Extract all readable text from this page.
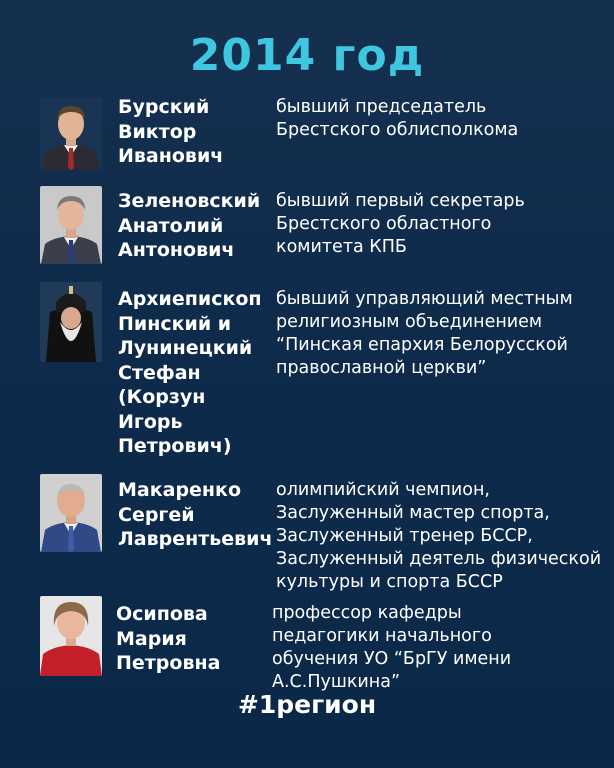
2014 год
Бурский
Виктор
Иванович
бывший председатель
Брестского облисполкома
Зеленовский
Анатолий
Антонович
бывший первый секретарь
Брестского областного
комитета КПБ
Архиепископ
Пинский и
Лунинецкий
Стефан
(Корзун
Игорь
Петрович)
бывший управляющий местным
религиозным объединением
“Пинская епархия Белорусской
православной церкви”
Макаренко
Сергей
Лаврентьевич
олимпийский чемпион,
Заслуженный мастер спорта,
Заслуженный тренер БССР,
Заслуженный деятель физической
культуры и спорта БССР
Осипова
Мария
Петровна
профессор кафедры
педагогики начального
обучения УО “БрГУ имени
А.С.Пушкина”
#1регион
